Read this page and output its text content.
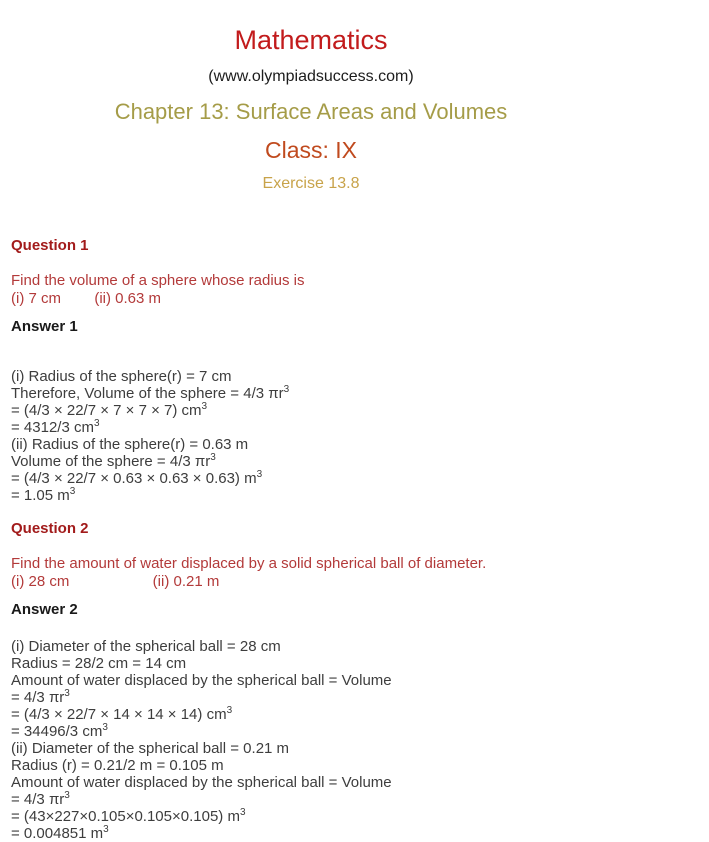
Mathematics
(www.olympiadsuccess.com)
Chapter 13: Surface Areas and Volumes
Class: IX
Exercise 13.8
Question 1
Find the volume of a sphere whose radius is
(i) 7 cm        (ii) 0.63 m
Answer 1
(i) Radius of the sphere(r) = 7 cm
Therefore, Volume of the sphere = 4/3 $\pi r^3$
= (4/3 × 22/7 × 7 × 7 × 7) $cm^3$
= 4312/3 $cm^3$
(ii) Radius of the sphere(r) = 0.63 m
Volume of the sphere = 4/3 $\pi r^3$
= (4/3 × 22/7 × 0.63 × 0.63 × 0.63) $m^3$
= 1.05 $m^3$
Question 2
Find the amount of water displaced by a solid spherical ball of diameter.
(i) 28 cm                    (ii) 0.21 m
Answer 2
(i) Diameter of the spherical ball = 28 cm
Radius = 28/2 cm = 14 cm
Amount of water displaced by the spherical ball = Volume
= 4/3 $\pi r^3$
= (4/3 × 22/7 × 14 × 14 × 14) $cm^3$
= 34496/3 $cm^3$
(ii) Diameter of the spherical ball = 0.21 m
Radius (r) = 0.21/2 m = 0.105 m
Amount of water displaced by the spherical ball = Volume
= 4/3 $\pi r^3$
= (43×227×0.105×0.105×0.105) $m^3$
= 0.004851 $m^3$
